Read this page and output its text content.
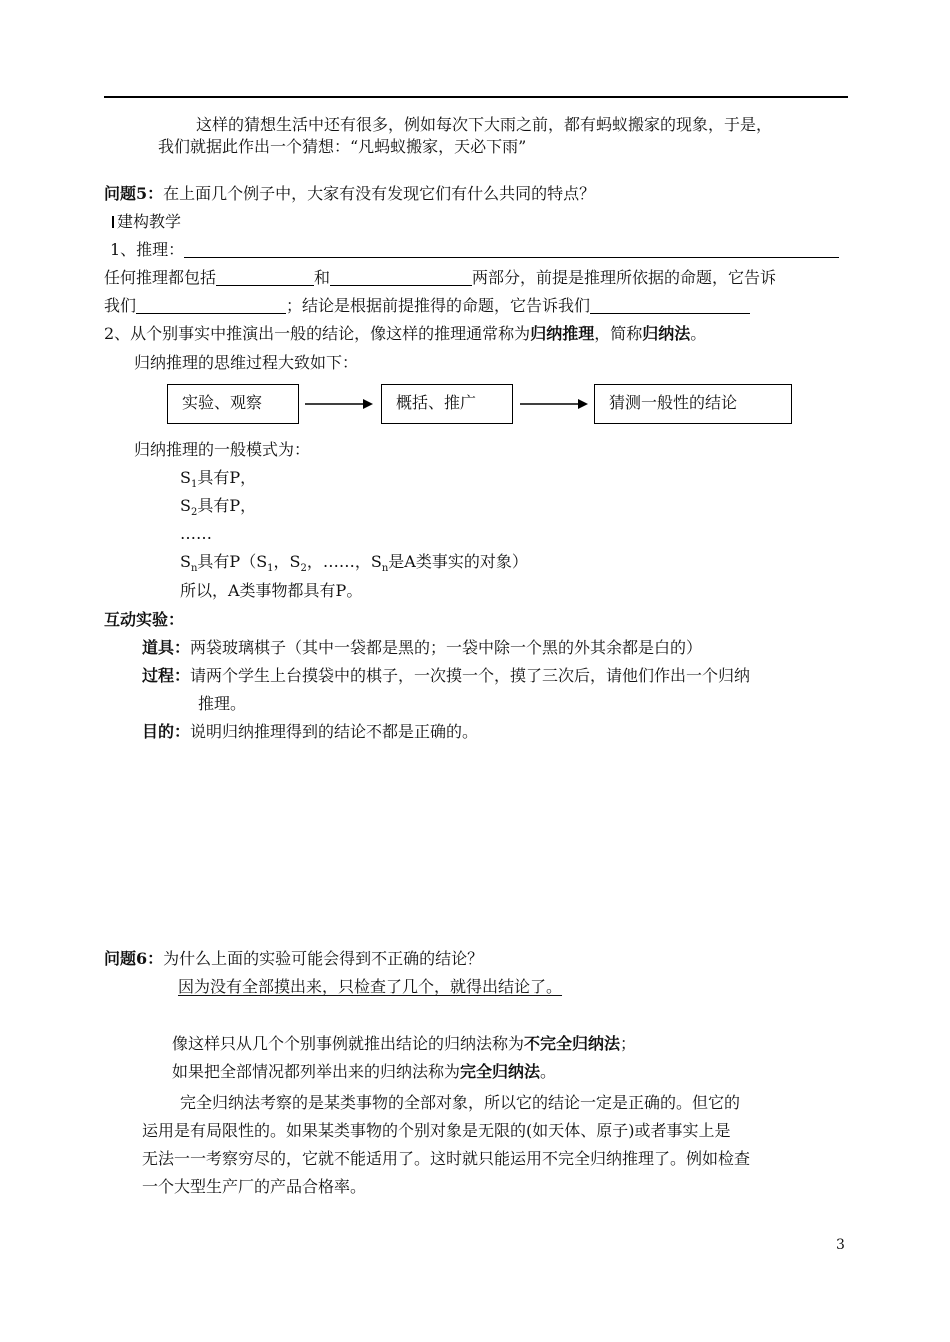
这样的猜想生活中还有很多，例如每次下大雨之前，都有蚂蚁搬家的现象，于是，
我们就据此作出一个猜想：“凡蚂蚁搬家，天必下雨”
问题5：在上面几个例子中，大家有没有发现它们有什么共同的特点？
建构教学
1、推理：
任何推理都包括	和	两部分，前提是推理所依据的命题，它告诉
我们	；结论是根据前提推得的命题，它告诉我们
2、从个别事实中推演出一般的结论，像这样的推理通常称为归纳推理，简称归纳法。
归纳推理的思维过程大致如下：
实验、观察	概括、推广	猜测一般性的结论
归纳推理的一般模式为：
$S_1$具有P，
$S_2$具有P，
……
$S_n$具有$P(S_1$，$S_2$，……，$S_n$是A类事实的对象）
所以，A类事物都具有P。
互动实验：
道具：两袋玻璃棋子（其中一袋都是黑的；一袋中除一个黑的外其余都是白的）
过程：请两个学生上台摸袋中的棋子，一次摸一个，摸了三次后，请他们作出一个归纳
推理。
目的：说明归纳推理得到的结论不都是正确的。
问题6：为什么上面的实验可能会得到不正确的结论？
因为没有全部摸出来，只检查了几个，就得出结论了。
像这样只从几个个别事例就推出结论的归纳法称为不完全归纳法；
如果把全部情况都列举出来的归纳法称为完全归纳法。
完全归纳法考察的是某类事物的全部对象，所以它的结论一定是正确的。但它的
运用是有局限性的。如果某类事物的个别对象是无限的(如天体、原子)或者事实上是
无法一一考察穷尽的，它就不能适用了。这时就只能运用不完全归纳推理了。例如检查
一个大型生产厂的产品合格率。
3
